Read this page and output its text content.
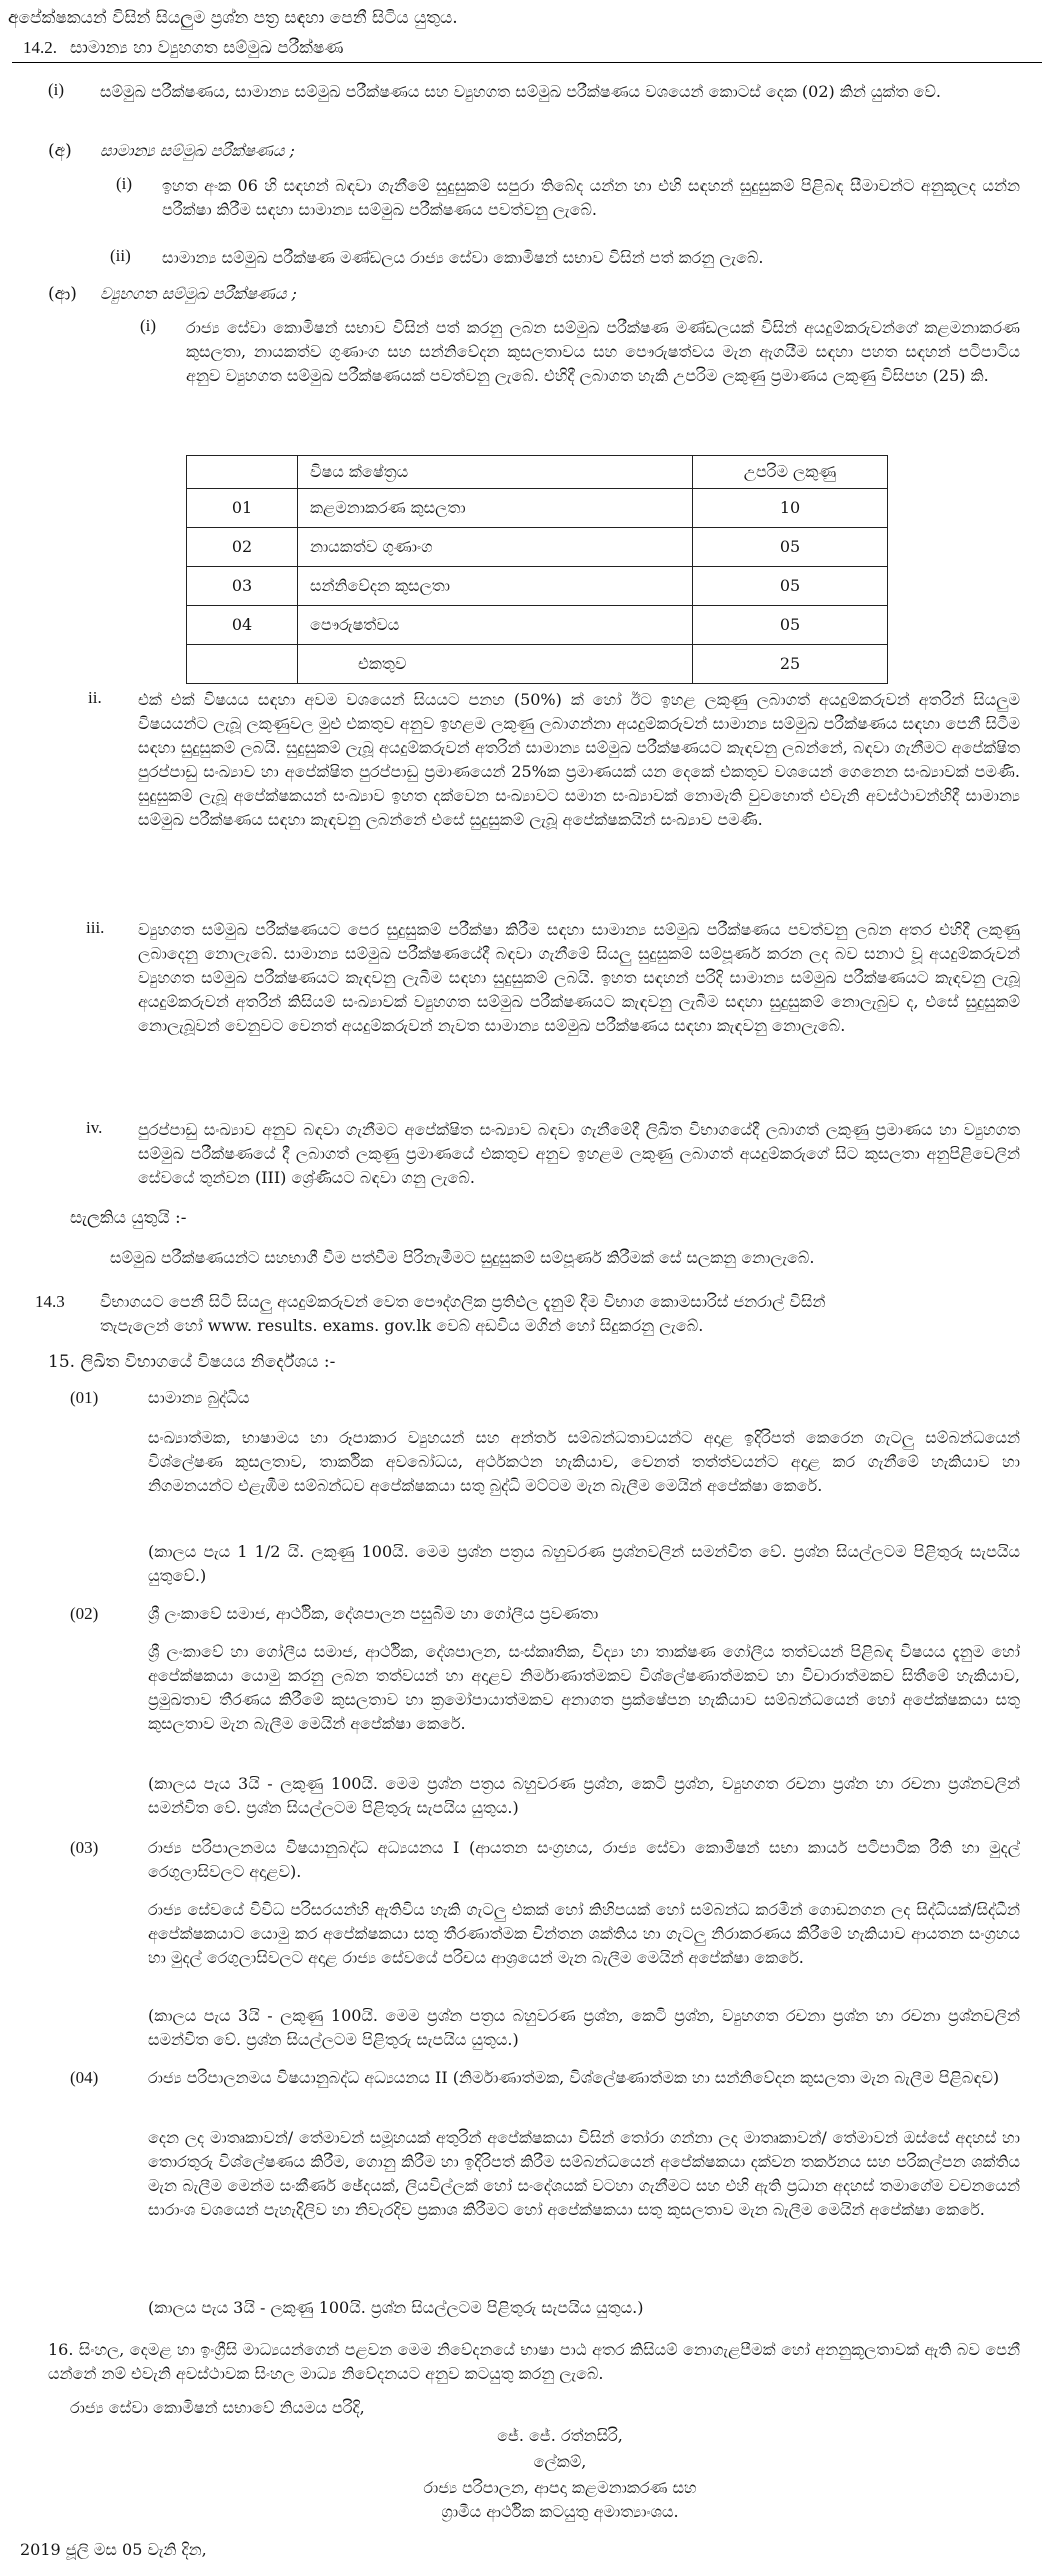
අපේක්ෂකයන් විසින් සියලුම ප්‍රශ්න පත්‍ර සඳහා පෙනී සිටිය යුතුය.

14.2. සාමාන්‍ය හා ව්‍යුහගත සම්මුඛ පරීක්ෂණ

(i) සම්මුඛ පරීක්ෂණය, සාමාන්‍ය සම්මුඛ පරීක්ෂණය සහ ව්‍යුහගත සම්මුඛ පරීක්ෂණය වශයෙන් කොටස් දෙක (02) කින් යුක්ත වේ.

(අ) සාමාන්‍ය සම්මුඛ පරීක්ෂණය ;

(i) ඉහත අංක 06 හි සඳහන් බඳවා ගැනීමේ සුදුසුකම් සපුරා තිබේද යන්න හා එහි සඳහන් සුදුසුකම් පිළිබඳ සීමාවන්ට අනුකූලද යන්න පරීක්ෂා කිරීම සඳහා සාමාන්‍ය සම්මුඛ පරීක්ෂණය පවත්වනු ලැබේ.

(ii) සාමාන්‍ය සම්මුඛ පරීක්ෂණ මණ්ඩලය රාජ්‍ය සේවා කොමිෂන් සභාව විසින් පත් කරනු ලැබේ.

(ආ) ව්‍යුහගත සම්මුඛ පරීක්ෂණය ;

(i) රාජ්‍ය සේවා කොමිෂන් සභාව විසින් පත් කරනු ලබන සම්මුඛ පරීක්ෂණ මණ්ඩලයක් විසින් අයදුම්කරුවන්ගේ කළමනාකරණ කුසලතා, නායකත්ව ගුණාංග සහ සන්නිවේදන කුසලතාවය සහ පෞරුෂත්වය මැන ඇගයීම සඳහා පහත සඳහන් පටිපාටිය අනුව ව්‍යුහගත සම්මුඛ පරීක්ෂණයක් පවත්වනු ලැබේ. එහිදී ලබාගත හැකි උපරිම ලකුණු ප්‍රමාණය ලකුණු විසිපහ (25) කි.

	විෂය ක්ෂේත්‍රය	උපරිම ලකුණු
01	කළමනාකරණ කුසලතා	10
02	නායකත්ව ගුණාංග	05
03	සන්නිවේදන කුසලතා	05
04	පෞරුෂත්වය	05
	එකතුව	25
ii. එක් එක් විෂයය සඳහා අවම වශයෙන් සියයට පනහ (50%) ක් හෝ ඊට ඉහළ ලකුණු ලබාගත් අයදුම්කරුවන් අතරින් සියලුම විෂයයන්ට ලැබූ ලකුණුවල මුළු එකතුව අනුව ඉහළම ලකුණු ලබාගන්නා අයදුම්කරුවන් සාමාන්‍ය සම්මුඛ පරීක්ෂණය සඳහා පෙනී සිටීම සඳහා සුදුසුකම් ලබයි. සුදුසුකම් ලැබූ අයදුම්කරුවන් අතරින් සාමාන්‍ය සම්මුඛ පරීක්ෂණයට කැඳවනු ලබන්නේ, බඳවා ගැනීමට අපේක්ෂිත පුරප්පාඩු සංඛ්‍යාව හා අපේක්ෂිත පුරප්පාඩු ප්‍රමාණයෙන් 25%ක ප්‍රමාණයක් යන දෙකේ එකතුව වශයෙන් ගෙනෙන සංඛ්‍යාවක් පමණි. සුදුසුකම් ලැබූ අපේක්ෂකයන් සංඛ්‍යාව ඉහත දක්වෙන සංඛ්‍යාවට සමාන සංඛ්‍යාවක් නොමැති වුවහොත් එවැනි අවස්ථාවන්හිදී සාමාන්‍ය සම්මුඛ පරීක්ෂණය සඳහා කැඳවනු ලබන්නේ එසේ සුදුසුකම් ලැබූ අපේක්ෂකයින් සංඛ්‍යාව පමණි.

iii. ව්‍යුහගත සම්මුඛ පරීක්ෂණයට පෙර සුදුසුකම් පරීක්ෂා කිරීම සඳහා සාමාන්‍ය සම්මුඛ පරීක්ෂණය පවත්වනු ලබන අතර එහිදී ලකුණු ලබාදෙනු නොලැබේ. සාමාන්‍ය සම්මුඛ පරීක්ෂණයේදී බඳවා ගැනීමේ සියලු සුදුසුකම් සම්පූර්ණ කරන ලද බව සනාථ වූ අයදුම්කරුවන් ව්‍යුහගත සම්මුඛ පරීක්ෂණයට කැඳවනු ලැබීම සඳහා සුදුසුකම් ලබයි. ඉහත සඳහන් පරිදි සාමාන්‍ය සම්මුඛ පරීක්ෂණයට කැඳවනු ලැබූ අයදුම්කරුවන් අතරින් කිසියම් සංඛ්‍යාවක් ව්‍යුහගත සම්මුඛ පරීක්ෂණයට කැඳවනු ලැබීම සඳහා සුදුසුකම් නොලැබුව ද, එසේ සුදුසුකම් නොලැබූවන් වෙනුවට වෙනත් අයදුම්කරුවන් නැවත සාමාන්‍ය සම්මුඛ පරීක්ෂණය සඳහා කැඳවනු නොලැබේ.

iv. පුරප්පාඩු සංඛ්‍යාව අනුව බඳවා ගැනීමට අපේක්ෂිත සංඛ්‍යාව බඳවා ගැනීමේදී ලිඛිත විභාගයේදී ලබාගත් ලකුණු ප්‍රමාණය හා ව්‍යුහගත සම්මුඛ පරීක්ෂණයේ දී ලබාගත් ලකුණු ප්‍රමාණයේ එකතුව අනුව ඉහළම ලකුණු ලබාගත් අයදුම්කරුගේ සිට කුසලතා අනුපිළිවෙලින් සේවයේ තුන්වන (III) ශ්‍රේණියට බඳවා ගනු ලැබේ.

සැලකිය යුතුයි :-

සම්මුඛ පරීක්ෂණයන්ට සහභාගී වීම පත්වීම පිරිනැමීමට සුදුසුකම් සම්පූර්ණ කිරීමක් සේ සලකනු නොලැබේ.

14.3 විභාගයට පෙනී සිටි සියලු අයදුම්කරුවන් වෙත පෞද්ගලික ප්‍රතිඵල දැනුම් දීම විභාග කොමසාරිස් ජනරාල් විසින්

තැපැලෙන් හෝ www. results. exams. gov.lk වෙබ් අඩවිය මගින් හෝ සිදුකරනු ලැබේ.

15. ලිඛිත විභාගයේ විෂයය නිර්දේශය :-

(01)	සාමාන්‍ය බුද්ධිය

සංඛ්‍යාත්මක, භාෂාමය හා රූපාකාර ව්‍යුහයන් සහ අන්තර් සම්බන්ධතාවයන්ට අදාළ ඉදිරිපත් කෙරෙන ගැටලු සම්බන්ධයෙන් විශ්ලේෂණ කුසලතාව, තාර්කික අවබෝධය, අර්ථකථන හැකියාව, වෙනත් තත්ත්වයන්ට අදාළ කර ගැනීමේ හැකියාව හා නිගමනයන්ට එළැඹීම සම්බන්ධව අපේක්ෂකයා සතු බුද්ධි මට්ටම මැන බැලීම මෙයින් අපේක්ෂා කෙරේ.

(කාලය පැය 1 1/2 යි. ලකුණු 100යි. මෙම ප්‍රශ්න පත්‍රය බහුවරණ ප්‍රශ්නවලින් සමන්විත වේ. ප්‍රශ්න සියල්ලටම පිළිතුරු සැපයිය යුතුවේ.)

(02)	ශ්‍රී ලංකාවේ සමාජ, ආර්ථික, දේශපාලන පසුබිම හා ගෝලීය ප්‍රවණතා

ශ්‍රී ලංකාවේ හා ගෝලීය සමාජ, ආර්ථික, දේශපාලන, සංස්කෘතික, විද්‍යා හා තාක්ෂණ ගෝලීය තත්වයන් පිළිබඳ විෂයය දැනුම හෝ අපේක්ෂකයා යොමු කරනු ලබන තත්වයන් හා අදාළව නිර්මාණාත්මකව විශ්ලේෂණාත්මකව හා විචාරාත්මකව සිතීමේ හැකියාව, ප්‍රමුඛතාව තීරණය කිරීමේ කුසලතාව හා ක්‍රමෝපායාත්මකව අනාගත ප්‍රක්ෂේපන හැකියාව සම්බන්ධයෙන් හෝ අපේක්ෂකයා සතු කුසලතාව මැන බැලීම මෙයින් අපේක්ෂා කෙරේ.

(කාලය පැය 3යි - ලකුණු 100යි. මෙම ප්‍රශ්න පත්‍රය බහුවරණ ප්‍රශ්න, කෙටි ප්‍රශ්න, ව්‍යුහගත රචනා ප්‍රශ්න හා රචනා ප්‍රශ්නවලින් සමන්විත වේ. ප්‍රශ්න සියල්ලටම පිළිතුරු සැපයිය යුතුය.)

(03)	රාජ්‍ය පරිපාලනමය විෂයානුබද්ධ අධ්‍යයනය I (ආයතන සංග්‍රහය, රාජ්‍ය සේවා කොමිෂන් සභා කාර්ය පටිපාටික රීති හා මුදල් රෙගුලාසිවලට අදාළව).

රාජ්‍ය සේවයේ විවිධ පරිසරයන්හි ඇතිවිය හැකි ගැටලු එකක් හෝ කිහිපයක් හෝ සම්බන්ධ කරමින් ගොඩනගන ලද සිද්ධියක්/සිද්ධීන් අපේක්ෂකයාට යොමු කර අපේක්ෂකයා සතු තීරණාත්මක චින්තන ශක්තිය හා ගැටලු නිරාකරණය කිරීමේ හැකියාව ආයතන සංග්‍රහය හා මුදල් රෙගුලාසිවලට අදාළ රාජ්‍ය සේවයේ පරිචය ආශ්‍රයෙන් මැන බැලීම මෙයින් අපේක්ෂා කෙරේ.

(කාලය පැය 3යි - ලකුණු 100යි. මෙම ප්‍රශ්න පත්‍රය බහුවරණ ප්‍රශ්න, කෙටි ප්‍රශ්න, ව්‍යුහගත රචනා ප්‍රශ්න හා රචනා ප්‍රශ්නවලින් සමන්විත වේ. ප්‍රශ්න සියල්ලටම පිළිතුරු සැපයිය යුතුය.)

(04)	රාජ්‍ය පරිපාලනමය විෂයානුබද්ධ අධ්‍යයනය II (නිර්මාණාත්මක, විශ්ලේෂණාත්මක හා සන්නිවේදන කුසලතා මැන බැලීම පිළිබඳව)

දෙන ලද මාතෘකාවන්/ තේමාවන් සමූහයක් අතුරින් අපේක්ෂකයා විසින් තෝරා ගන්නා ලද මාතෘකාවන්/ තේමාවන් ඔස්සේ අදහස් හා තොරතුරු විශ්ලේෂණය කිරීම, ගොනු කිරීම හා ඉදිරිපත් කිරීම සම්බන්ධයෙන් අපේක්ෂකයා දක්වන තර්කනය සහ පරිකල්පන ශක්තිය මැන බැලීම මෙන්ම සංකීර්ණ ඡේදයක්, ලියවිල්ලක් හෝ සංදේශයක් වටහා ගැනීමට සහ එහි ඇති ප්‍රධාන අදහස් තමාගේම වචනයෙන් සාරාංශ වශයෙන් පැහැදිලිව හා නිවැරදිව ප්‍රකාශ කිරීමට හෝ අපේක්ෂකයා සතු කුසලතාව මැන බැලීම මෙයින් අපේක්ෂා කෙරේ.

(කාලය පැය 3යි - ලකුණු 100යි. ප්‍රශ්න සියල්ලටම පිළිතුරු සැපයිය යුතුය.)

16. සිංහල, දෙමළ හා ඉංග්‍රීසි මාධ්‍යයන්ගෙන් පළවන මෙම නිවේදනයේ භාෂා පාඨ අතර කිසියම් නොගැළපීමක් හෝ අනනුකූලතාවක් ඇති බව පෙනී යන්නේ නම් එවැනි අවස්ථාවක සිංහල මාධ්‍ය නිවේදනයට අනුව කටයුතු කරනු ලැබේ.

රාජ්‍ය සේවා කොමිෂන් සභාවේ නියමය පරිදි,

ජේ. ජේ. රත්නසිරි,

ලේකම්,

රාජ්‍ය පරිපාලන, ආපදා කළමනාකරණ සහ

ග්‍රාමීය ආර්ථික කටයුතු අමාත්‍යාංශය.

2019 ජූලි මස 05 වැනි දින,
